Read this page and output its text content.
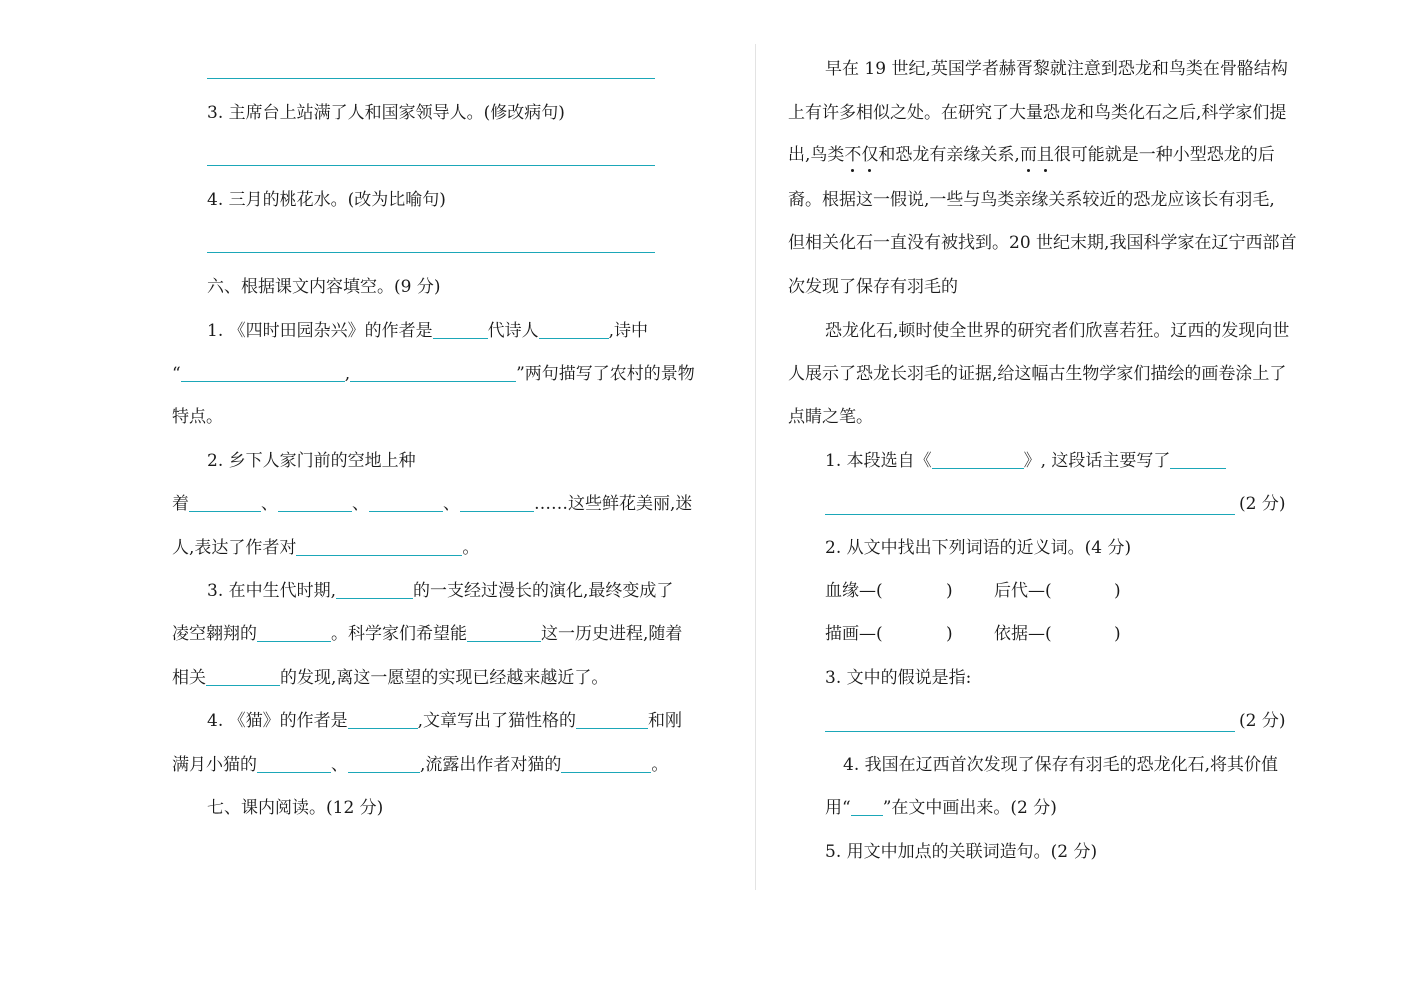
3. 主席台上站满了人和国家领导人。(修改病句)
4. 三月的桃花水。(改为比喻句)
六、根据课文内容填空。(9 分)
1. 《四时田园杂兴》的作者是	代诗人	,诗中
“	,	”两句描写了农村的景物
特点。
2. 乡下人家门前的空地上种
着	、	、	、	……这些鲜花美丽,迷
人,表达了作者对	。
3. 在中生代时期,	的一支经过漫长的演化,最终变成了
凌空翱翔的	。科学家们希望能	这一历史进程,随着
相关	的发现,离这一愿望的实现已经越来越近了。
4. 《猫》的作者是	,文章写出了猫性格的	和刚
满月小猫的	、	,流露出作者对猫的	。
七、课内阅读。(12 分)
早在 19 世纪,英国学者赫胥黎就注意到恐龙和鸟类在骨骼结构
上有许多相似之处。在研究了大量恐龙和鸟类化石之后,科学家们提
出,鸟类不仅和恐龙有亲缘关系,而且很可能就是一种小型恐龙的后
裔。根据这一假说,一些与鸟类亲缘关系较近的恐龙应该长有羽毛,
但相关化石一直没有被找到。20 世纪末期,我国科学家在辽宁西部首
次发现了保存有羽毛的
恐龙化石,顿时使全世界的研究者们欣喜若狂。辽西的发现向世
人展示了恐龙长羽毛的证据,给这幅古生物学家们描绘的画卷涂上了
点睛之笔。
1. 本段选自《	》, 这段话主要写了
(2 分)
2. 从文中找出下列词语的近义词。(4 分)
血缘—(	) 后代—(	)
描画—(	) 依据—(	)
3. 文中的假说是指:
(2 分)
4. 我国在辽西首次发现了保存有羽毛的恐龙化石,将其价值
用“ ”在文中画出来。(2 分)
5. 用文中加点的关联词造句。(2 分)
